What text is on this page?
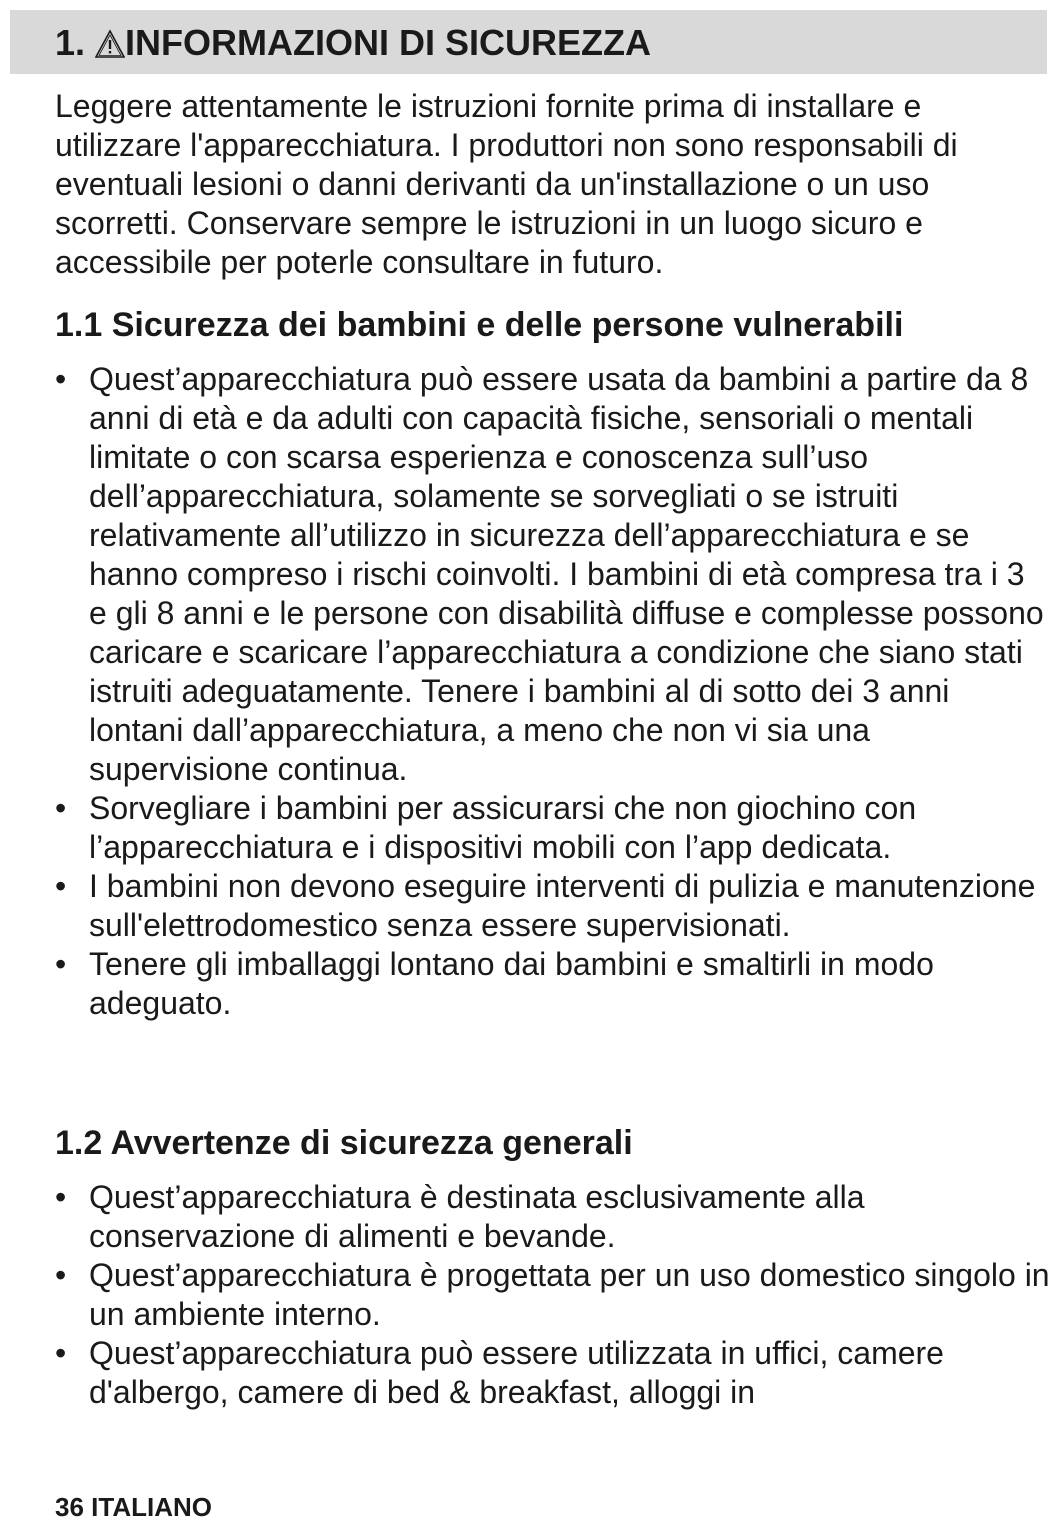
1. INFORMAZIONI DI SICUREZZA

Leggere attentamente le istruzioni fornite prima di installare e utilizzare l'apparecchiatura. I produttori non sono responsabili di eventuali lesioni o danni derivanti da un'installazione o un uso scorretti. Conservare sempre le istruzioni in un luogo sicuro e accessibile per poterle consultare in futuro.

1.1 Sicurezza dei bambini e delle persone vulnerabili
• Quest’apparecchiatura può essere usata da bambini a partire da 8 anni di età e da adulti con capacità fisiche, sensoriali o mentali limitate o con scarsa esperienza e conoscenza sull’uso dell’apparecchiatura, solamente se sorvegliati o se istruiti relativamente all’utilizzo in sicurezza dell’apparecchiatura e se hanno compreso i rischi coinvolti. I bambini di età compresa tra i 3 e gli 8 anni e le persone con disabilità diffuse e complesse possono caricare e scaricare l’apparecchiatura a condizione che siano stati istruiti adeguatamente. Tenere i bambini al di sotto dei 3 anni lontani dall’apparecchiatura, a meno che non vi sia una supervisione continua.
• Sorvegliare i bambini per assicurarsi che non giochino con l’apparecchiatura e i dispositivi mobili con l’app dedicata.
• I bambini non devono eseguire interventi di pulizia e manutenzione sull'elettrodomestico senza essere supervisionati.
• Tenere gli imballaggi lontano dai bambini e smaltirli in modo adeguato.
1.2 Avvertenze di sicurezza generali
• Quest’apparecchiatura è destinata esclusivamente alla conservazione di alimenti e bevande.
• Quest’apparecchiatura è progettata per un uso domestico singolo in un ambiente interno.
• Quest’apparecchiatura può essere utilizzata in uffici, camere d'albergo, camere di bed & breakfast, alloggi in
36 ITALIANO
